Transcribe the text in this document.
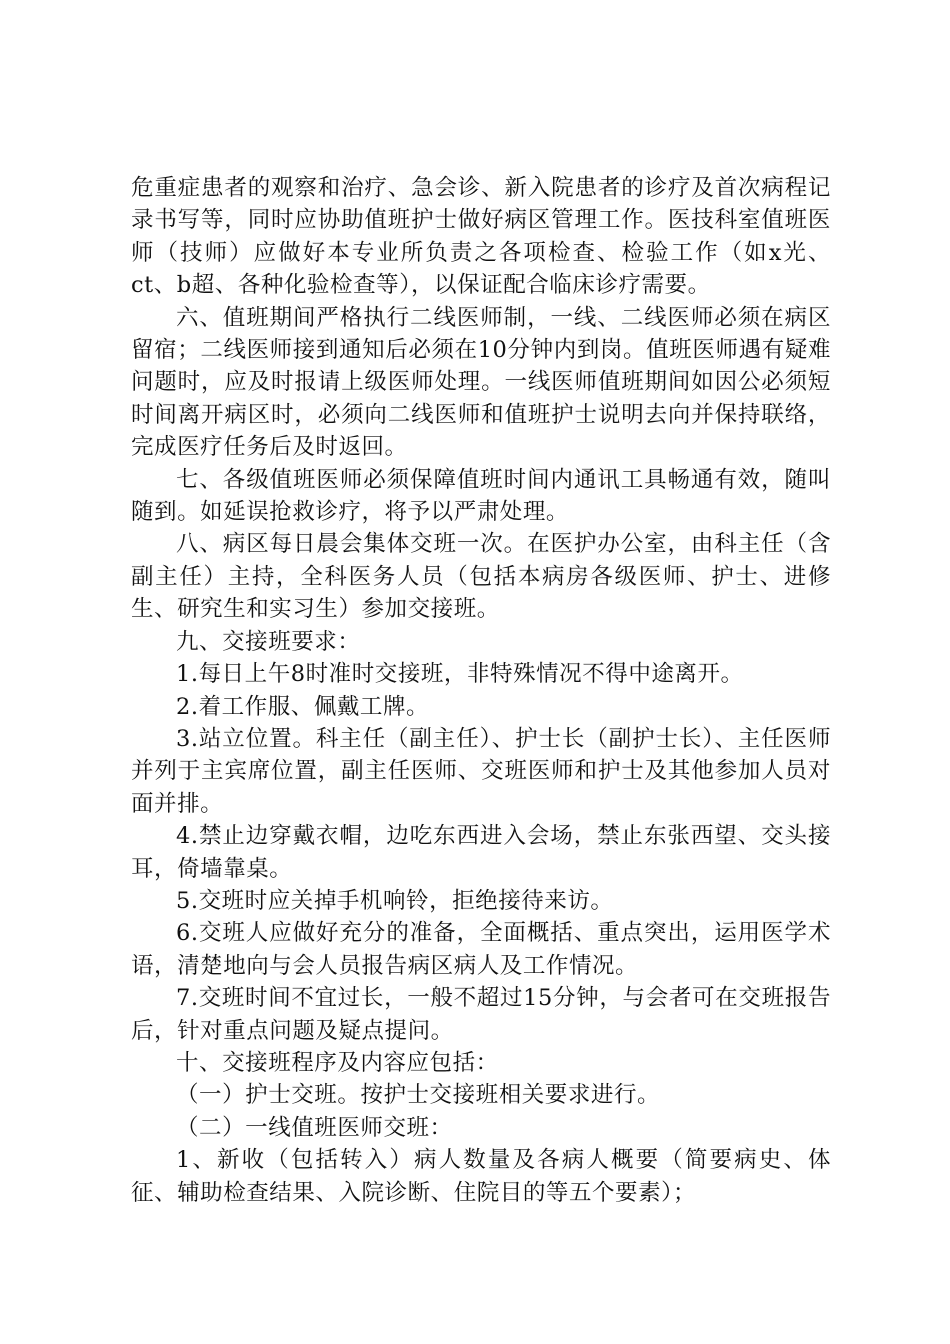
危重症患者的观察和治疗、急会诊、新入院患者的诊疗及首次病程记录书写等，同时应协助值班护士做好病区管理工作。医技科室值班医师（技师）应做好本专业所负责之各项检查、检验工作（如x光、ct、b超、各种化验检查等），以保证配合临床诊疗需要。

六、值班期间严格执行二线医师制，一线、二线医师必须在病区留宿；二线医师接到通知后必须在10分钟内到岗。值班医师遇有疑难问题时，应及时报请上级医师处理。一线医师值班期间如因公必须短时间离开病区时，必须向二线医师和值班护士说明去向并保持联络，完成医疗任务后及时返回。

七、各级值班医师必须保障值班时间内通讯工具畅通有效，随叫随到。如延误抢救诊疗，将予以严肃处理。

八、病区每日晨会集体交班一次。在医护办公室，由科主任（含副主任）主持，全科医务人员（包括本病房各级医师、护士、进修生、研究生和实习生）参加交接班。

九、交接班要求：

1.每日上午8时准时交接班，非特殊情况不得中途离开。

2.着工作服、佩戴工牌。

3.站立位置。科主任（副主任）、护士长（副护士长）、主任医师并列于主宾席位置，副主任医师、交班医师和护士及其他参加人员对面并排。

4.禁止边穿戴衣帽，边吃东西进入会场，禁止东张西望、交头接耳，倚墙靠桌。

5.交班时应关掉手机响铃，拒绝接待来访。

6.交班人应做好充分的准备，全面概括、重点突出，运用医学术语，清楚地向与会人员报告病区病人及工作情况。

7.交班时间不宜过长，一般不超过15分钟，与会者可在交班报告后，针对重点问题及疑点提问。

十、交接班程序及内容应包括：

（一）护士交班。按护士交接班相关要求进行。

（二）一线值班医师交班：

1、新收（包括转入）病人数量及各病人概要（简要病史、体征、辅助检查结果、入院诊断、住院目的等五个要素）；
